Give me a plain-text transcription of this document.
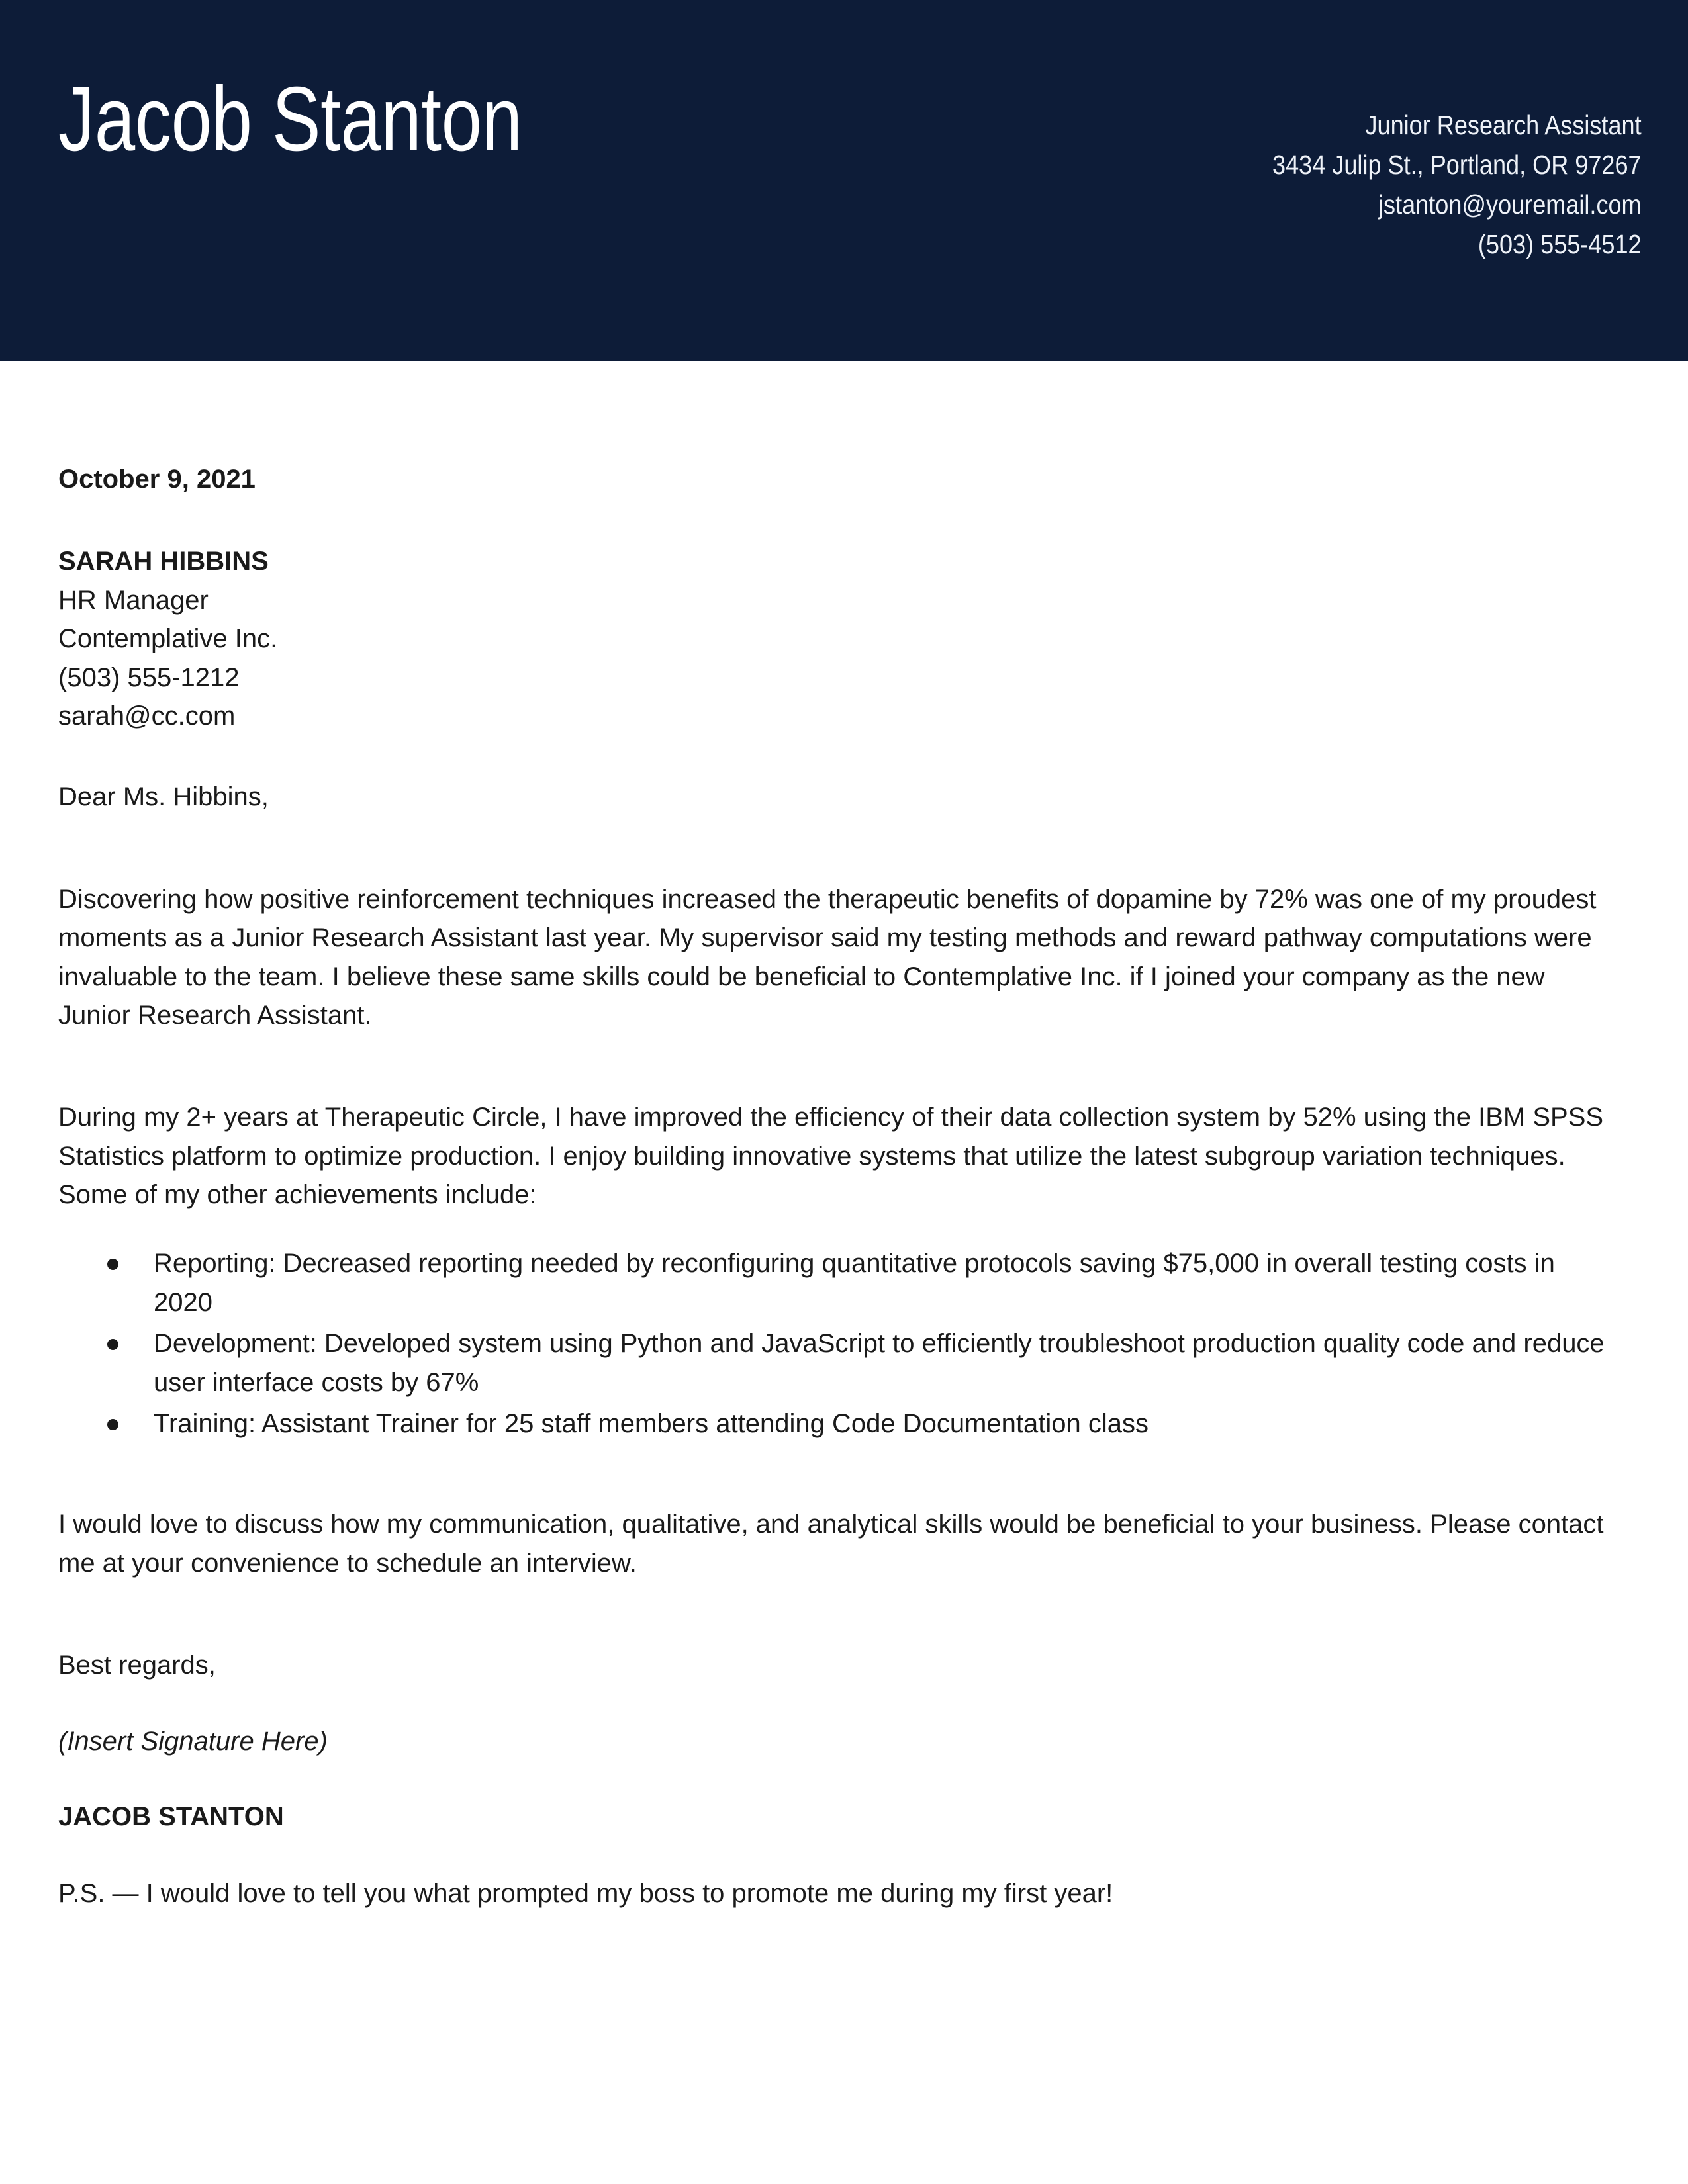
Jacob Stanton	Junior Research Assistant
3434 Julip St., Portland, OR 97267
jstanton@youremail.com
(503) 555-4512
October 9, 2021
SARAH HIBBINS
HR Manager
Contemplative Inc.
(503) 555-1212
sarah@cc.com
Dear Ms. Hibbins,

Discovering how positive reinforcement techniques increased the therapeutic benefits of dopamine by 72% was one of my proudest moments as a Junior Research Assistant last year. My supervisor said my testing methods and reward pathway computations were invaluable to the team. I believe these same skills could be beneficial to Contemplative Inc. if I joined your company as the new Junior Research Assistant.

During my 2+ years at Therapeutic Circle, I have improved the efficiency of their data collection system by 52% using the IBM SPSS Statistics platform to optimize production. I enjoy building innovative systems that utilize the latest subgroup variation techniques. Some of my other achievements include:

Reporting: Decreased reporting needed by reconfiguring quantitative protocols saving $75,000 in overall testing costs in 2020
Development: Developed system using Python and JavaScript to efficiently troubleshoot production quality code and reduce user interface costs by 67%
Training: Assistant Trainer for 25 staff members attending Code Documentation class

I would love to discuss how my communication, qualitative, and analytical skills would be beneficial to your business. Please contact me at your convenience to schedule an interview.

Best regards,
(Insert Signature Here)
JACOB STANTON
P.S. — I would love to tell you what prompted my boss to promote me during my first year!
